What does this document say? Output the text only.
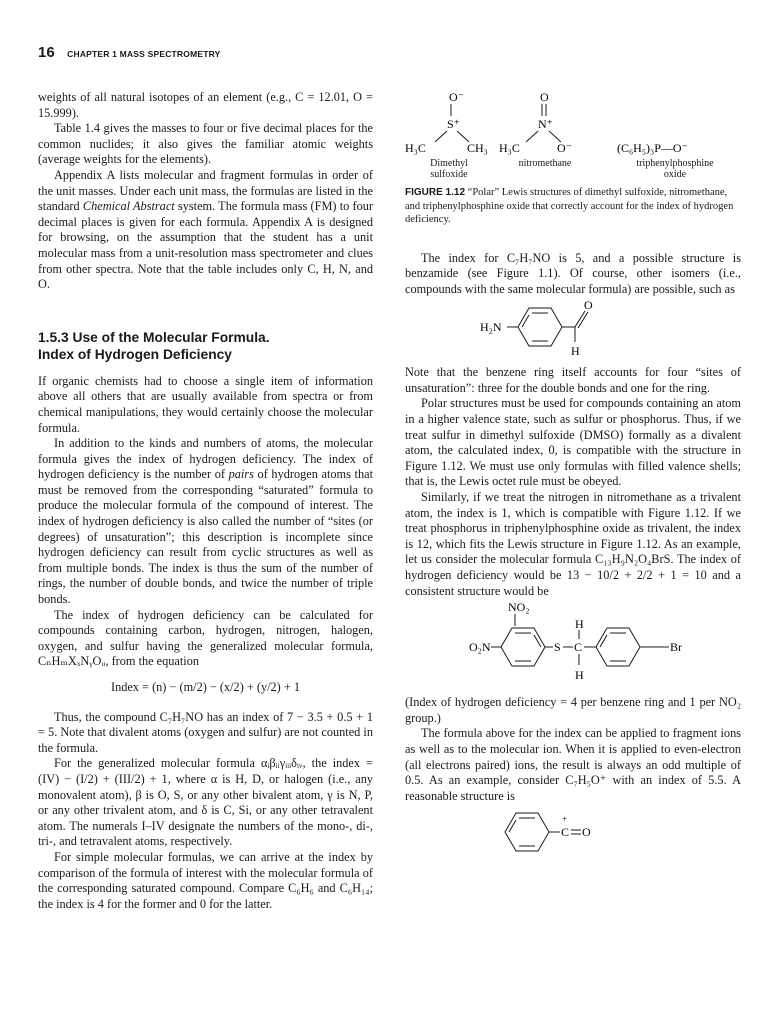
16 CHAPTER 1 MASS SPECTROMETRY

weights of all natural isotopes of an element (e.g., C = 12.01, O = 15.999).

Table 1.4 gives the masses to four or five decimal places for the common nuclides; it also gives the familiar atomic weights (average weights for the elements).

Appendix A lists molecular and fragment formulas in order of the unit masses. Under each unit mass, the formulas are listed in the standard Chemical Abstract system. The formula mass (FM) to four decimal places is given for each formula. Appendix A is designed for browsing, on the assumption that the student has a unit molecular mass from a unit-resolution mass spectrometer and clues from other spectra. Note that the table includes only C, H, N, and O.

1.5.3 Use of the Molecular Formula.
Index of Hydrogen Deficiency

If organic chemists had to choose a single item of information above all others that are usually available from spectra or from chemical manipulations, they would certainly choose the molecular formula.

In addition to the kinds and numbers of atoms, the molecular formula gives the index of hydrogen deficiency. The index of hydrogen deficiency is the number of pairs of hydrogen atoms that must be removed from the corresponding “saturated” formula to produce the molecular formula of the compound of interest. The index of hydrogen deficiency is also called the number of “sites (or degrees) of unsaturation”; this description is incomplete since hydrogen deficiency can result from cyclic structures as well as from multiple bonds. The index is thus the sum of the number of rings, the number of double bonds, and twice the number of triple bonds.

The index of hydrogen deficiency can be calculated for compounds containing carbon, hydrogen, nitrogen, halogen, oxygen, and sulfur having the generalized molecular formula, CₙHₘXₓNᵧOᵤ, from the equation

Index = (n) − (m/2) − (x/2) + (y/2) + 1

Thus, the compound C₇H₇NO has an index of 7 − 3.5 + 0.5 + 1 = 5. Note that divalent atoms (oxygen and sulfur) are not counted in the formula.

For the generalized molecular formula αᵢβᵢᵢγᵢᵢᵢδᵢᵥ, the index = (IV) − (I/2) + (III/2) + 1, where α is H, D, or halogen (i.e., any monovalent atom), β is O, S, or any other bivalent atom, γ is N, P, or any other trivalent atom, and δ is C, Si, or any other tetravalent atom. The numerals I–IV designate the numbers of the mono-, di-, tri-, and tetravalent atoms, respectively.

For simple molecular formulas, we can arrive at the index by comparison of the formula of interest with the molecular formula of the corresponding saturated compound. Compare C₆H₆ and C₆H₁₄; the index is 4 for the former and 0 for the latter.

O⁻
S⁺
H₃C	CH₃
O
N⁺
H₃C	O⁻	(C₆H₅)₃P—O⁻
Dimethyl
sulfoxide
nitromethane	triphenylphosphine
oxide
FIGURE 1.12 “Polar” Lewis structures of dimethyl sulfoxide, nitromethane, and triphenylphosphine oxide that correctly account for the index of hydrogen deficiency.

The index for C₇H₇NO is 5, and a possible structure is benzamide (see Figure 1.1). Of course, other isomers (i.e., compounds with the same molecular formula) are possible, such as

H₂N
O
H

Note that the benzene ring itself accounts for four “sites of unsaturation”: three for the double bonds and one for the ring.

Polar structures must be used for compounds containing an atom in a higher valence state, such as sulfur or phosphorus. Thus, if we treat sulfur in dimethyl sulfoxide (DMSO) formally as a divalent atom, the calculated index, 0, is compatible with the structure in Figure 1.12. We must use only formulas with filled valence shells; that is, the Lewis octet rule must be obeyed.

Similarly, if we treat the nitrogen in nitromethane as a trivalent atom, the index is 1, which is compatible with Figure 1.12. If we treat phosphorus in triphenylphosphine oxide as trivalent, the index is 12, which fits the Lewis structure in Figure 1.12. As an example, let us consider the molecular formula C₁₃H₉N₂O₄BrS. The index of hydrogen deficiency would be 13 − 10/2 + 2/2 + 1 = 10 and a consistent structure would be

NO₂
O₂N	S C
H
H
Br

(Index of hydrogen deficiency = 4 per benzene ring and 1 per NO₂ group.)

The formula above for the index can be applied to fragment ions as well as to the molecular ion. When it is applied to even-electron (all electrons paired) ions, the result is always an odd multiple of 0.5. As an example, consider C₇H₅O⁺ with an index of 5.5. A reasonable structure is

+
C O
